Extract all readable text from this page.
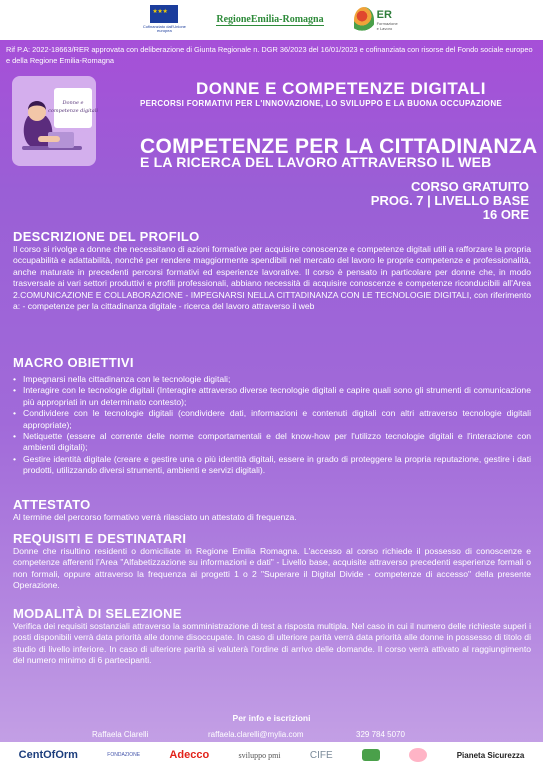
★ ★ ★
Cofinanziato dall'Unione europea
RegioneEmilia-Romagna	ER
Formazione e Lavoro
Rif P.A: 2022-18663/RER approvata con deliberazione di Giunta Regionale n. DGR 36/2023 del 16/01/2023 e cofinanziata con risorse del Fondo sociale europeo e della Regione Emilia-Romagna
Donne e
competenze digitali
DONNE E COMPETENZE DIGITALI
PERCORSI FORMATIVI PER L'INNOVAZIONE, LO SVILUPPO E LA BUONA OCCUPAZIONE
COMPETENZE PER LA CITTADINANZA
E LA RICERCA DEL LAVORO ATTRAVERSO IL WEB
CORSO GRATUITO
PROG. 7 | LIVELLO BASE
16 ORE
DESCRIZIONE DEL PROFILO
Il corso si rivolge a donne che necessitano di azioni formative per acquisire conoscenze e competenze digitali utili a rafforzare la propria occupabilità e adattabilità, nonché per rendere maggiormente spendibili nel mercato del lavoro le proprie competenze e professionalità, anche maturate in precedenti percorsi formativi ed esperienze lavorative. Il corso è pensato in particolare per donne che, in modo trasversale ai vari settori produttivi e profili professionali, abbiano necessità di acquisire conoscenze e competenze riconducibili all'Area 2.COMUNICAZIONE E COLLABORAZIONE - IMPEGNARSI NELLA CITTADINANZA CON LE TECNOLOGIE DIGITALI, con riferimento a: - competenze per la cittadinanza digitale - ricerca del lavoro attraverso il web
MACRO OBIETTIVI
• Impegnarsi nella cittadinanza con le tecnologie digitali;
• Interagire con le tecnologie digitali (Interagire attraverso diverse tecnologie digitali e capire quali sono gli strumenti di comunicazione più appropriati in un determinato contesto);
• Condividere con le tecnologie digitali (condividere dati, informazioni e contenuti digitali con altri attraverso tecnologie digitali appropriate);
• Netiquette (essere al corrente delle norme comportamentali e del know-how per l'utilizzo tecnologie digitali e l'interazione con ambienti digitali);
• Gestire identità digitale (creare e gestire una o più identità digitali, essere in grado di proteggere la propria reputazione, gestire i dati prodotti, utilizzando diversi strumenti, ambienti e servizi digitali).
ATTESTATO
Al termine del percorso formativo verrà rilasciato un attestato di frequenza.
REQUISITI E DESTINATARI
Donne che risultino residenti o domiciliate in Regione Emilia Romagna. L'accesso al corso richiede il possesso di conoscenze e competenze afferenti l'Area "Alfabetizzazione su informazioni e dati" - Livello base, acquisite attraverso precedenti esperienze formali o non formali, oppure attraverso la frequenza ai progetti 1 o 2 "Superare il Digital Divide - competenze di accesso" della presente Operazione.
MODALITÀ DI SELEZIONE
Verifica dei requisiti sostanziali attraverso la somministrazione di test a risposta multipla. Nel caso in cui il numero delle richieste superi i posti disponibili verrà data priorità alle donne disoccupate. In caso di ulteriore parità verrà data priorità alle donne in possesso di titolo di studio di livello inferiore. In caso di ulteriore parità si valuterà l'ordine di arrivo delle domande. Il corso verrà attivato al raggiungimento del numero minimo di 6 partecipanti.
Per info e iscrizioni
Raffaela Clarelli	raffaela.clarelli@mylia.com	329 784 5070
CentOfOrm	FONDAZIONE	Adecco	sviluppo pmi	CIFE	Pianeta Sicurezza
